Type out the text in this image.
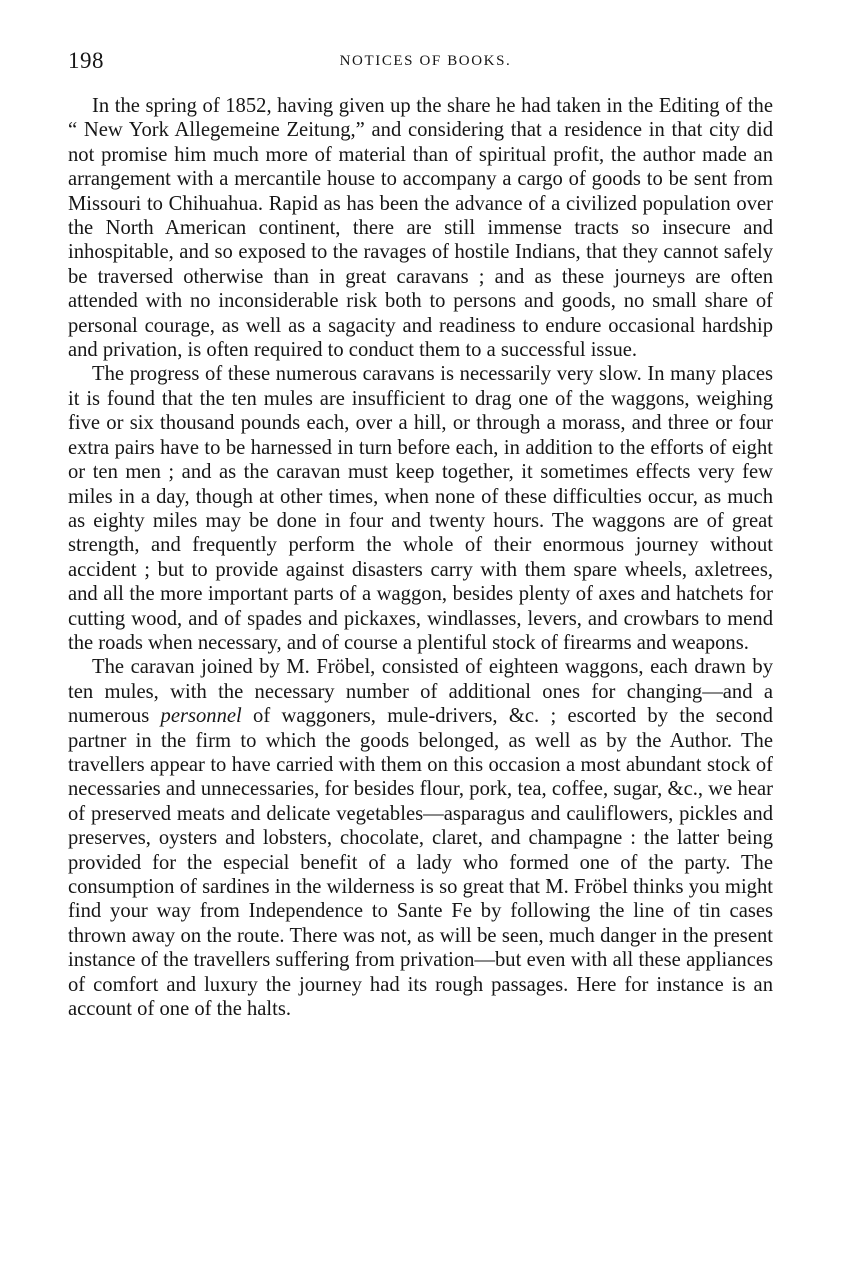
198	NOTICES OF BOOKS.

In the spring of 1852, having given up the share he had taken in the Editing of the “ New York Allegemeine Zeitung,” and considering that a residence in that city did not promise him much more of material than of spiritual profit, the author made an arrangement with a mercantile house to accompany a cargo of goods to be sent from Missouri to Chihuahua. Rapid as has been the advance of a civilized population over the North American continent, there are still immense tracts so insecure and inhospitable, and so exposed to the ravages of hostile Indians, that they cannot safely be traversed otherwise than in great caravans ; and as these journeys are often attended with no inconsiderable risk both to persons and goods, no small share of personal courage, as well as a sagacity and readiness to endure occasional hardship and privation, is often required to conduct them to a successful issue.

The progress of these numerous caravans is necessarily very slow. In many places it is found that the ten mules are insufficient to drag one of the waggons, weighing five or six thousand pounds each, over a hill, or through a morass, and three or four extra pairs have to be harnessed in turn before each, in addition to the efforts of eight or ten men ; and as the caravan must keep together, it sometimes effects very few miles in a day, though at other times, when none of these difficulties occur, as much as eighty miles may be done in four and twenty hours. The waggons are of great strength, and frequently perform the whole of their enormous journey without accident ; but to provide against disasters carry with them spare wheels, axletrees, and all the more important parts of a waggon, besides plenty of axes and hatchets for cutting wood, and of spades and pickaxes, windlasses, levers, and crowbars to mend the roads when necessary, and of course a plentiful stock of firearms and weapons.

The caravan joined by M. Fröbel, consisted of eighteen waggons, each drawn by ten mules, with the necessary number of additional ones for changing—and a numerous personnel of waggoners, mule-drivers, &c. ; escorted by the second partner in the firm to which the goods belonged, as well as by the Author. The travellers appear to have carried with them on this occasion a most abundant stock of necessaries and unnecessaries, for besides flour, pork, tea, coffee, sugar, &c., we hear of preserved meats and delicate vegetables—asparagus and cauliflowers, pickles and preserves, oysters and lobsters, chocolate, claret, and champagne : the latter being provided for the especial benefit of a lady who formed one of the party. The consumption of sardines in the wilderness is so great that M. Fröbel thinks you might find your way from Independence to Sante Fe by following the line of tin cases thrown away on the route. There was not, as will be seen, much danger in the present instance of the travellers suffering from privation—but even with all these appliances of comfort and luxury the journey had its rough passages. Here for instance is an account of one of the halts.
